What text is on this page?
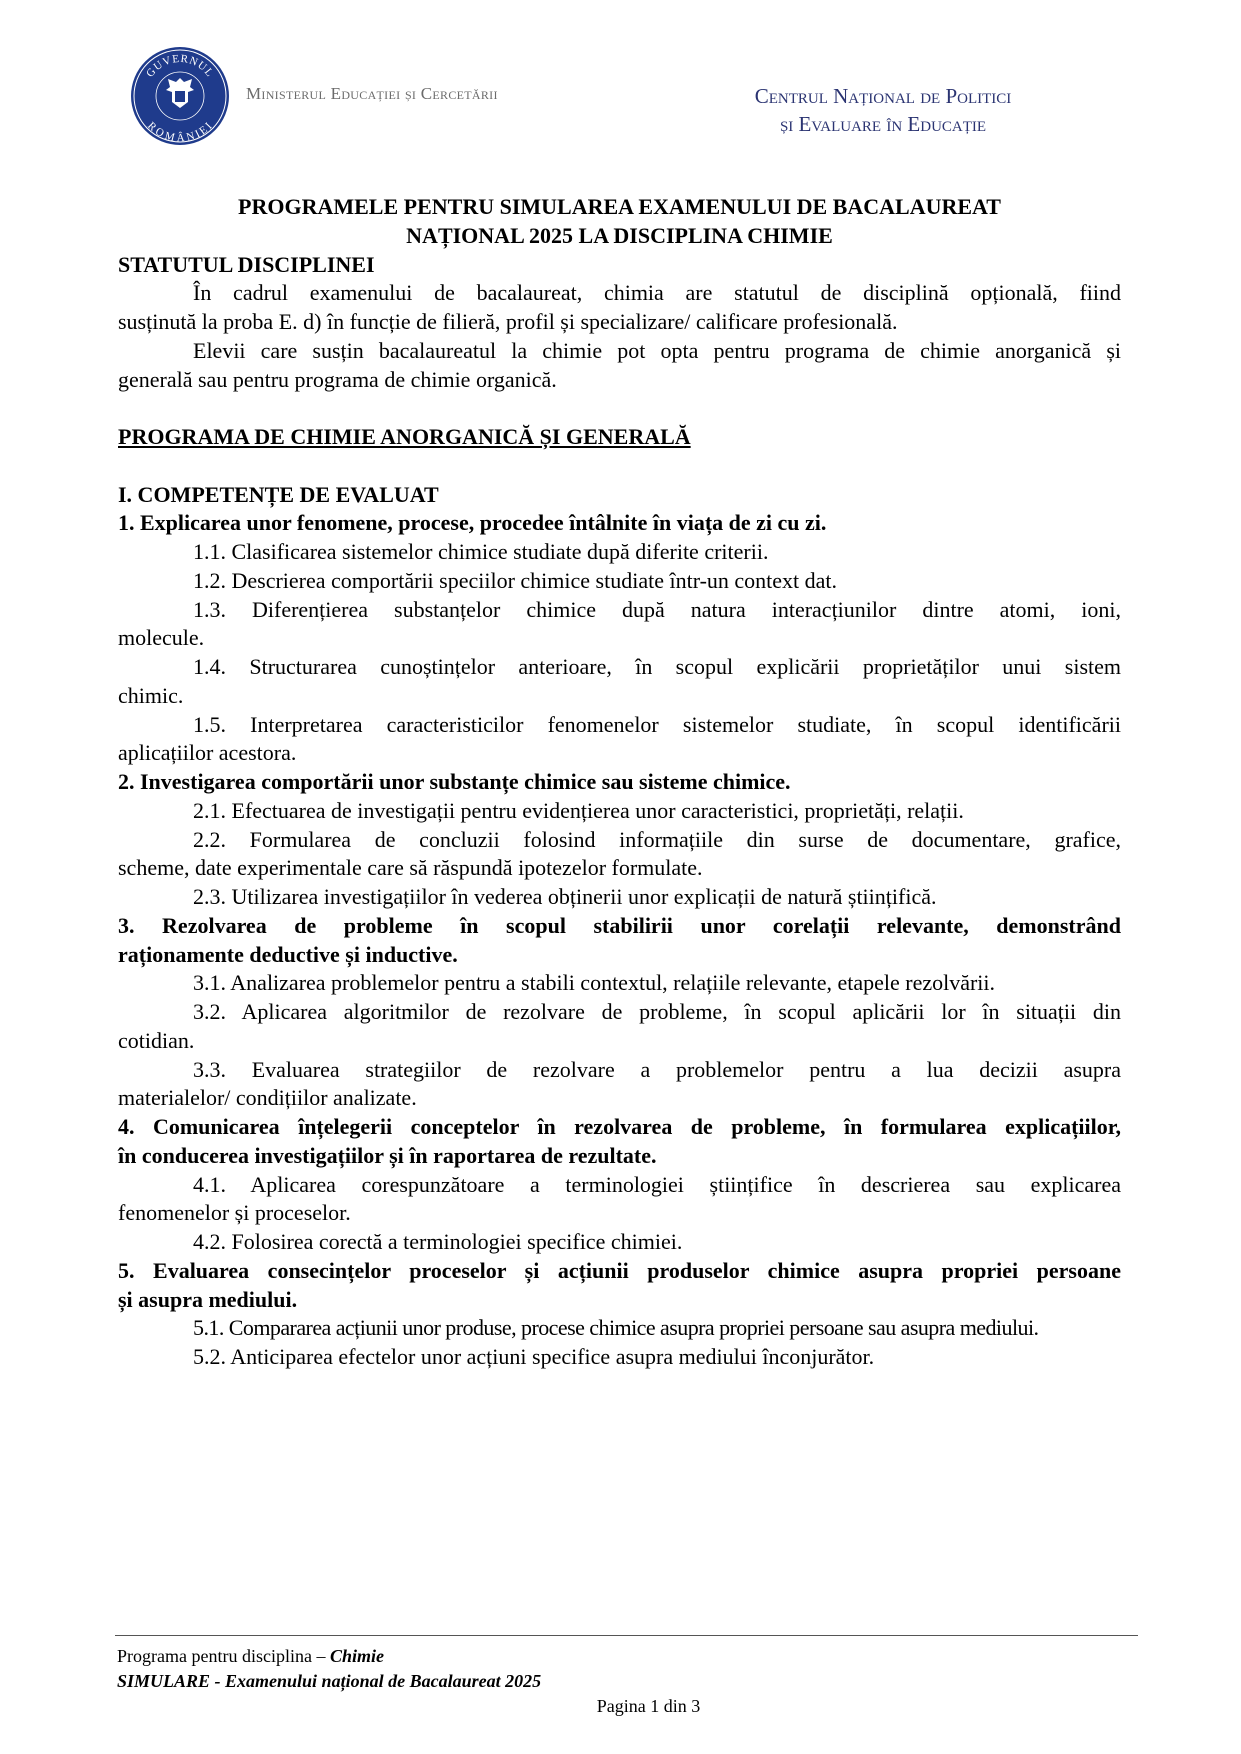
GUVERNUL
ROMÂNIEI
Ministerul Educației și Cercetării	Centrul Național de Politici
și Evaluare în Educație
PROGRAMELE PENTRU SIMULAREA EXAMENULUI DE BACALAUREAT
NAȚIONAL 2025 LA DISCIPLINA CHIMIE
STATUTUL DISCIPLINEI
În cadrul examenului de bacalaureat, chimia are statutul de disciplină opțională, fiind
susținută la proba E. d) în funcție de filieră, profil și specializare/ calificare profesională.
Elevii care susțin bacalaureatul la chimie pot opta pentru programa de chimie anorganică și
generală sau pentru programa de chimie organică.
PROGRAMA DE CHIMIE ANORGANICĂ ȘI GENERALĂ
I. COMPETENȚE DE EVALUAT
1. Explicarea unor fenomene, procese, procedee întâlnite în viața de zi cu zi.
1.1. Clasificarea sistemelor chimice studiate după diferite criterii.
1.2. Descrierea comportării speciilor chimice studiate într-un context dat.
1.3. Diferențierea substanțelor chimice după natura interacțiunilor dintre atomi, ioni,
molecule.
1.4. Structurarea cunoștințelor anterioare, în scopul explicării proprietăților unui sistem
chimic.
1.5. Interpretarea caracteristicilor fenomenelor sistemelor studiate, în scopul identificării
aplicațiilor acestora.
2. Investigarea comportării unor substanțe chimice sau sisteme chimice.
2.1. Efectuarea de investigații pentru evidențierea unor caracteristici, proprietăți, relații.
2.2. Formularea de concluzii folosind informațiile din surse de documentare, grafice,
scheme, date experimentale care să răspundă ipotezelor formulate.
2.3. Utilizarea investigațiilor în vederea obținerii unor explicații de natură științifică.
3. Rezolvarea de probleme în scopul stabilirii unor corelații relevante, demonstrând
raționamente deductive și inductive.
3.1. Analizarea problemelor pentru a stabili contextul, relațiile relevante, etapele rezolvării.
3.2. Aplicarea algoritmilor de rezolvare de probleme, în scopul aplicării lor în situații din
cotidian.
3.3. Evaluarea strategiilor de rezolvare a problemelor pentru a lua decizii asupra
materialelor/ condițiilor analizate.
4. Comunicarea înțelegerii conceptelor în rezolvarea de probleme, în formularea explicațiilor,
în conducerea investigațiilor și în raportarea de rezultate.
4.1. Aplicarea corespunzătoare a terminologiei științifice în descrierea sau explicarea
fenomenelor și proceselor.
4.2. Folosirea corectă a terminologiei specifice chimiei.
5. Evaluarea consecințelor proceselor și acțiunii produselor chimice asupra propriei persoane
și asupra mediului.
5.1. Compararea acțiunii unor produse, procese chimice asupra propriei persoane sau asupra mediului.
5.2. Anticiparea efectelor unor acțiuni specifice asupra mediului înconjurător.
Programa pentru disciplina – Chimie
SIMULARE - Examenului național de Bacalaureat 2025
Pagina 1 din 3
